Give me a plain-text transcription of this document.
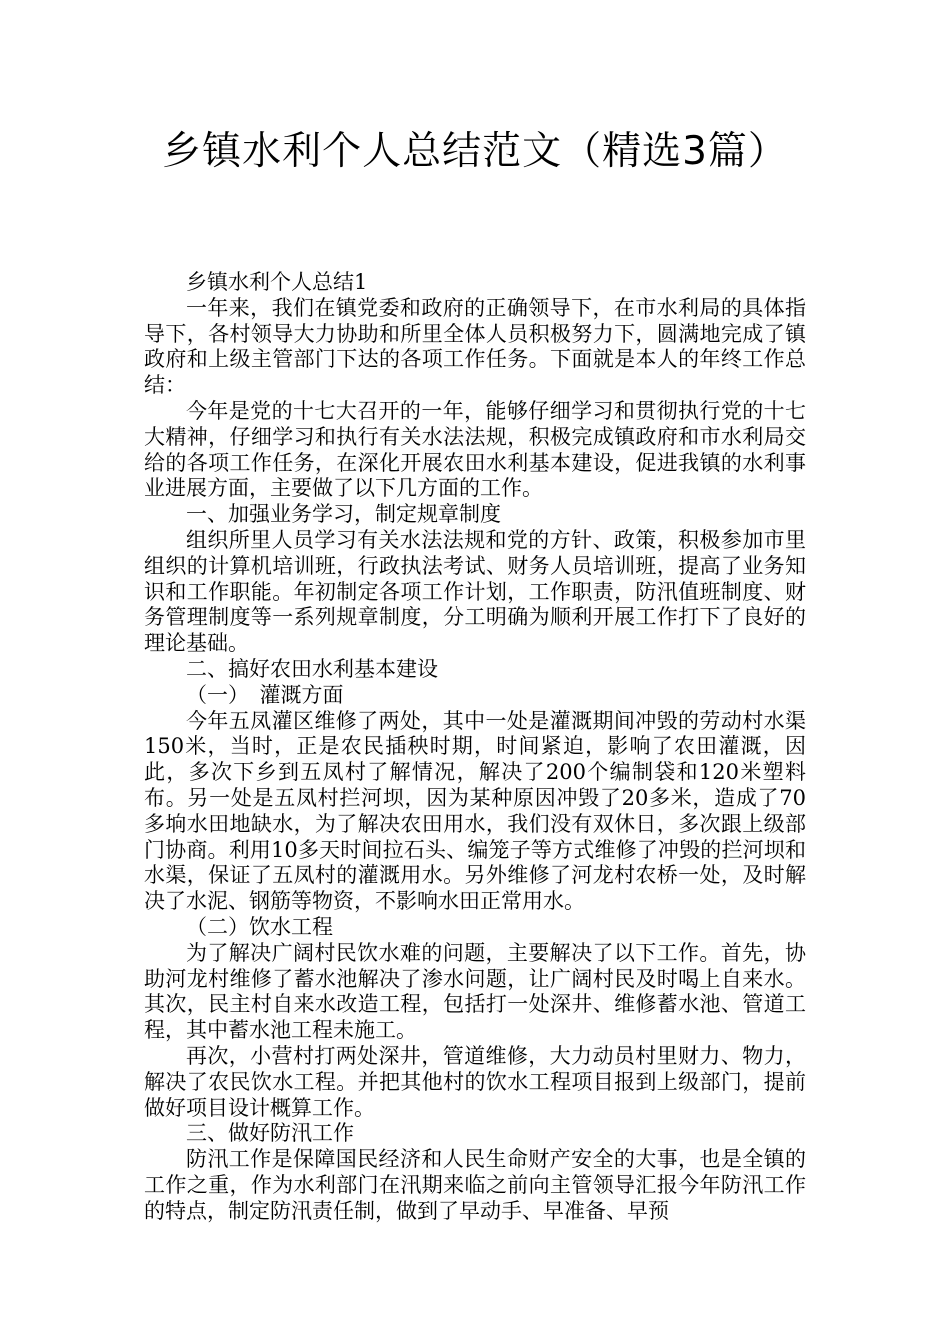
乡镇水利个人总结范文（精选3篇）

乡镇水利个人总结1

一年来，我们在镇党委和政府的正确领导下，在市水利局的具体指导下，各村领导大力协助和所里全体人员积极努力下，圆满地完成了镇政府和上级主管部门下达的各项工作任务。下面就是本人的年终工作总结：

今年是党的十七大召开的一年，能够仔细学习和贯彻执行党的十七大精神，仔细学习和执行有关水法法规，积极完成镇政府和市水利局交给的各项工作任务，在深化开展农田水利基本建设，促进我镇的水利事业进展方面，主要做了以下几方面的工作。

一、加强业务学习，制定规章制度

组织所里人员学习有关水法法规和党的方针、政策，积极参加市里组织的计算机培训班，行政执法考试、财务人员培训班，提高了业务知识和工作职能。年初制定各项工作计划，工作职责，防汛值班制度、财务管理制度等一系列规章制度，分工明确为顺利开展工作打下了良好的理论基础。

二、搞好农田水利基本建设

（一）　灌溉方面

今年五凤灌区维修了两处，其中一处是灌溉期间冲毁的劳动村水渠150米，当时，正是农民插秧时期，时间紧迫，影响了农田灌溉，因此，多次下乡到五凤村了解情况，解决了200个编制袋和120米塑料布。另一处是五凤村拦河坝，因为某种原因冲毁了20多米，造成了70多垧水田地缺水，为了解决农田用水，我们没有双休日，多次跟上级部门协商。利用10多天时间拉石头、编笼子等方式维修了冲毁的拦河坝和水渠，保证了五凤村的灌溉用水。另外维修了河龙村农桥一处，及时解决了水泥、钢筋等物资，不影响水田正常用水。

（二）饮水工程

为了解决广阔村民饮水难的问题，主要解决了以下工作。首先，协助河龙村维修了蓄水池解决了渗水问题，让广阔村民及时喝上自来水。其次，民主村自来水改造工程，包括打一处深井、维修蓄水池、管道工程，其中蓄水池工程未施工。

再次，小营村打两处深井，管道维修，大力动员村里财力、物力，解决了农民饮水工程。并把其他村的饮水工程项目报到上级部门，提前做好项目设计概算工作。

三、做好防汛工作

防汛工作是保障国民经济和人民生命财产安全的大事，也是全镇的工作之重，作为水利部门在汛期来临之前向主管领导汇报今年防汛工作的特点，制定防汛责任制，做到了早动手、早准备、早预
